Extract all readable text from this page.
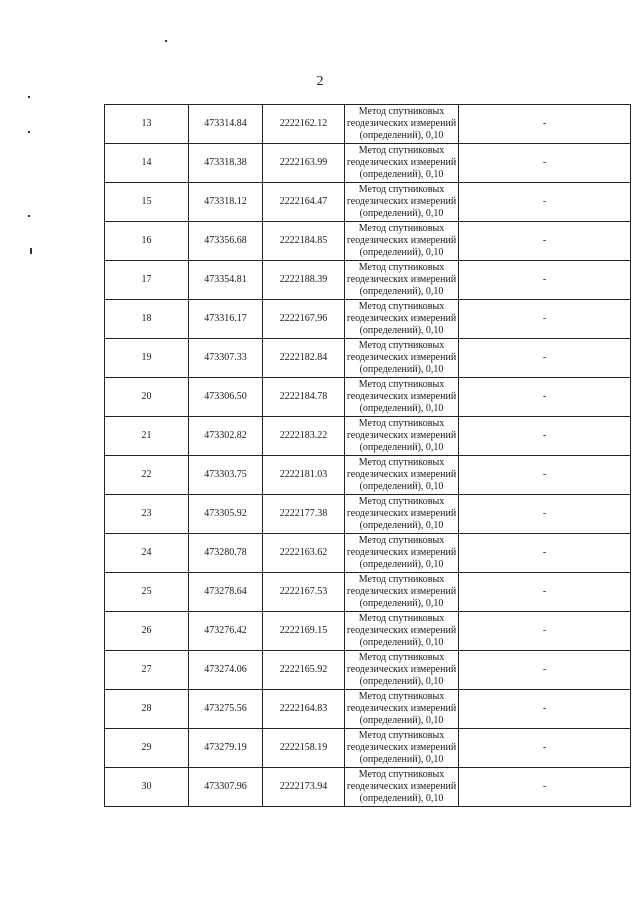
2
13	473314.84	2222162.12	Метод спутниковых
геодезических измерений
(определений), 0,10	-
14	473318.38	2222163.99	Метод спутниковых
геодезических измерений
(определений), 0,10	-
15	473318.12	2222164.47	Метод спутниковых
геодезических измерений
(определений), 0,10	-
16	473356.68	2222184.85	Метод спутниковых
геодезических измерений
(определений), 0,10	-
17	473354.81	2222188.39	Метод спутниковых
геодезических измерений
(определений), 0,10	-
18	473316.17	2222167.96	Метод спутниковых
геодезических измерений
(определений), 0,10	-
19	473307.33	2222182.84	Метод спутниковых
геодезических измерений
(определений), 0,10	-
20	473306.50	2222184.78	Метод спутниковых
геодезических измерений
(определений), 0,10	-
21	473302.82	2222183.22	Метод спутниковых
геодезических измерений
(определений), 0,10	-
22	473303.75	2222181.03	Метод спутниковых
геодезических измерений
(определений), 0,10	-
23	473305.92	2222177.38	Метод спутниковых
геодезических измерений
(определений), 0,10	-
24	473280.78	2222163.62	Метод спутниковых
геодезических измерений
(определений), 0,10	-
25	473278.64	2222167.53	Метод спутниковых
геодезических измерений
(определений), 0,10	-
26	473276.42	2222169.15	Метод спутниковых
геодезических измерений
(определений), 0,10	-
27	473274.06	2222165.92	Метод спутниковых
геодезических измерений
(определений), 0,10	-
28	473275.56	2222164.83	Метод спутниковых
геодезических измерений
(определений), 0,10	-
29	473279.19	2222158.19	Метод спутниковых
геодезических измерений
(определений), 0,10	-
30	473307.96	2222173.94	Метод спутниковых
геодезических измерений
(определений), 0,10	-
